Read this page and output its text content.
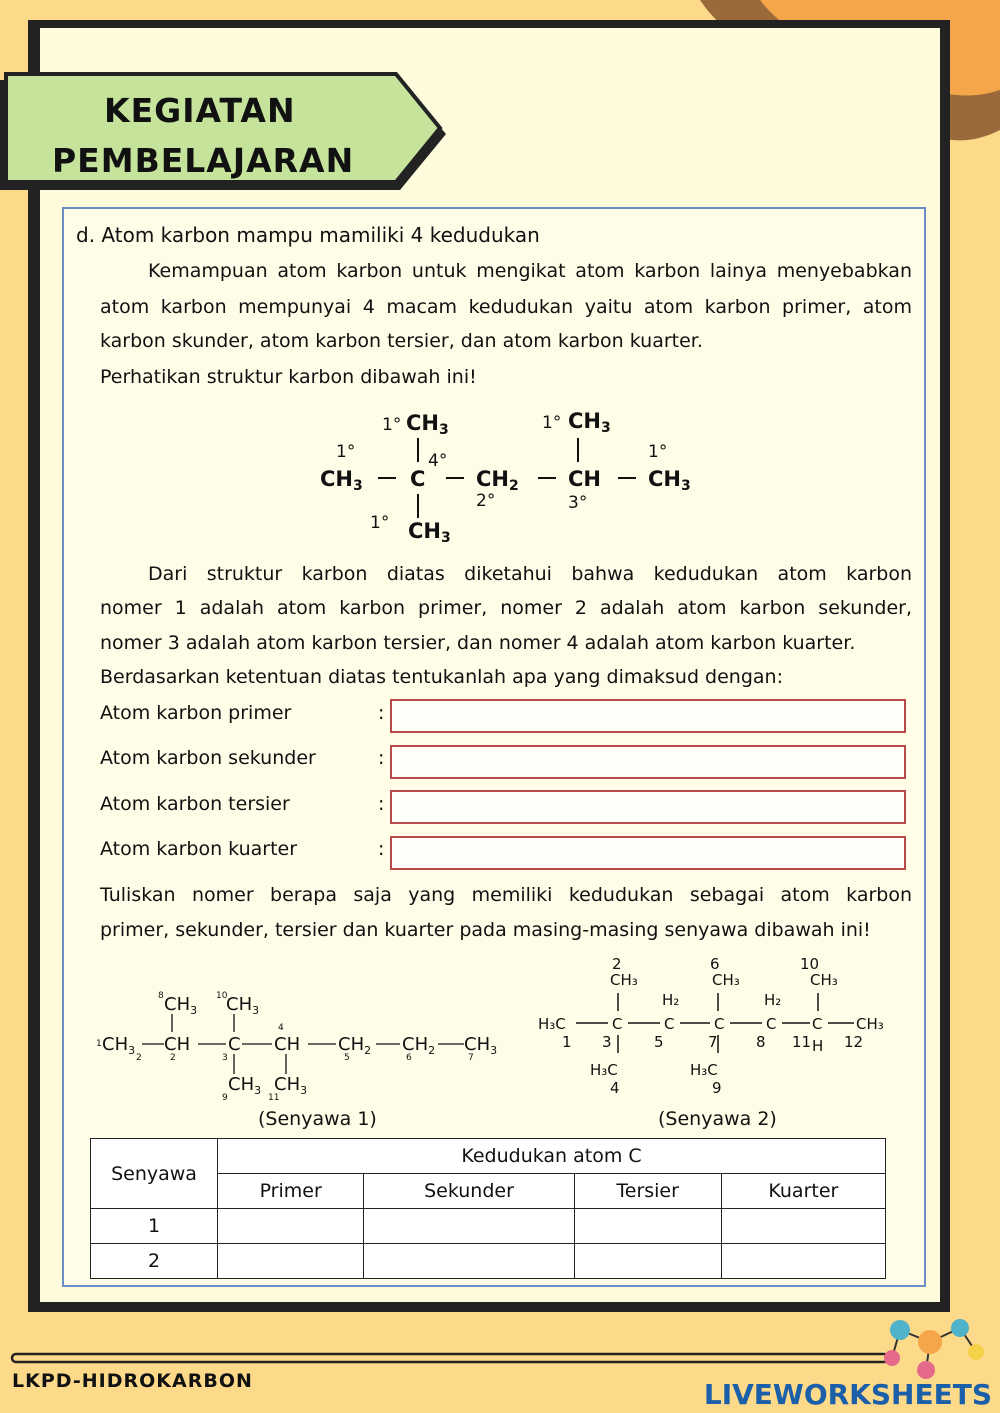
KEGIATAN
PEMBELAJARAN
d. Atom karbon mampu mamiliki 4 kedudukan
Kemampuan atom karbon untuk mengikat atom karbon lainya menyebabkan
atom karbon mempunyai 4 macam kedudukan yaitu atom karbon primer, atom
karbon skunder, atom karbon tersier, dan atom karbon kuarter.
Perhatikan struktur karbon dibawah ini!
1° CH3	1° CH3
1°	1°
4°
CH3 C CH2 CH CH3
2°	3°
1° CH3
Dari struktur karbon diatas diketahui bahwa kedudukan atom karbon
nomer 1 adalah atom karbon primer, nomer 2 adalah atom karbon sekunder,
nomer 3 adalah atom karbon tersier, dan nomer 4 adalah atom karbon kuarter.
Berdasarkan ketentuan diatas tentukanlah apa yang dimaksud dengan:
Atom karbon primer	:
Atom karbon sekunder	:
Atom karbon tersier	:
Atom karbon kuarter	:
Tuliskan nomer berapa saja yang memiliki kedudukan sebagai atom karbon
primer, sekunder, tersier dan kuarter pada masing-masing senyawa dibawah ini!
8 $CH_3$
10
$CH_3$
4
1 $CH_3$ CH C CH $CH_2$ $CH_2$ $CH_3$
2	2	3	5	6	7
$CH_3$ $CH_3$
9	11
(Senyawa 1)
2
CH₃
6
CH₃
10
CH₃
H₂	H₂
H₃C	C	C	C	C C CH₃
1 3	5	7	8 11 H 12
H₃C	H₃C
4	9
(Senyawa 2)
Senyawa	Kedudukan atom C			
	Primer	Sekunder	Tersier	Kuarter
1				
2				
LKPD-HIDROKARBON	LIVEWORKSHEETS
